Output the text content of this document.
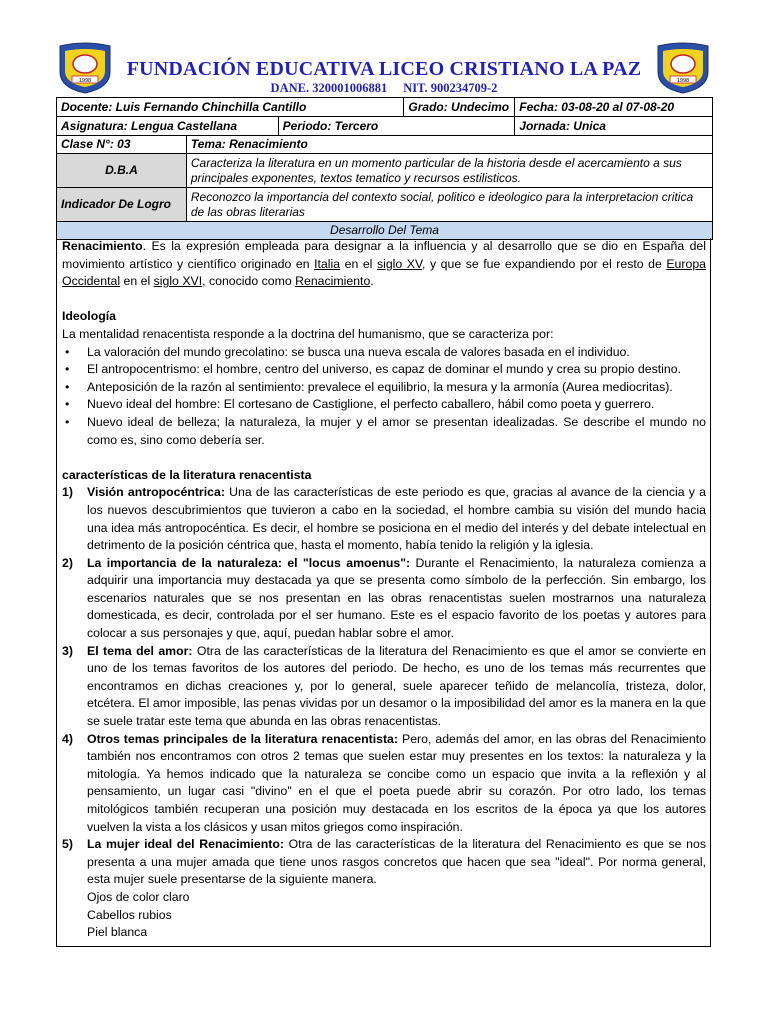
1998	1998
FUNDACIÓN EDUCATIVA LICEO CRISTIANO LA PAZ
DANE. 320001006881 NIT. 900234709-2
Docente: Luis Fernando Chinchilla Cantillo			Grado: Undecimo	Fecha: 03-08-20 al 07-08-20
Asignatura: Lengua Castellana		Periodo: Tercero		Jornada: Unica
Clase N°: 03	Tema: Renacimiento			
D.B.A	Caracteriza la literatura en un momento particular de la historia desde el acercamiento a sus principales exponentes, textos tematico y recursos estilisticos.			
Indicador De Logro	Reconozco la importancia del contexto social, politico e ideologico para la interpretacion critica de las obras literarias			
Desarrollo Del Tema				

Renacimiento. Es la expresión empleada para designar a la influencia y al desarrollo que se dio en España del movimiento artístico y científico originado en Italia en el siglo XV, y que se fue expandiendo por el resto de Europa Occidental en el siglo XVI, conocido como Renacimiento.

Ideología

La mentalidad renacentista responde a la doctrina del humanismo, que se caracteriza por:

• La valoración del mundo grecolatino: se busca una nueva escala de valores basada en el individuo.
• El antropocentrismo: el hombre, centro del universo, es capaz de dominar el mundo y crea su propio destino.
• Anteposición de la razón al sentimiento: prevalece el equilibrio, la mesura y la armonía (Aurea mediocritas).
• Nuevo ideal del hombre: El cortesano de Castiglione, el perfecto caballero, hábil como poeta y guerrero.
• Nuevo ideal de belleza; la naturaleza, la mujer y el amor se presentan idealizadas. Se describe el mundo no como es, sino como debería ser.

características de la literatura renacentista

1) Visión antropocéntrica: Una de las características de este periodo es que, gracias al avance de la ciencia y a los nuevos descubrimientos que tuvieron a cabo en la sociedad, el hombre cambia su visión del mundo hacia una idea más antropocéntica. Es decir, el hombre se posiciona en el medio del interés y del debate intelectual en detrimento de la posición céntrica que, hasta el momento, había tenido la religión y la iglesia.
2) La importancia de la naturaleza: el "locus amoenus": Durante el Renacimiento, la naturaleza comienza a adquirir una importancia muy destacada ya que se presenta como símbolo de la perfección. Sin embargo, los escenarios naturales que se nos presentan en las obras renacentistas suelen mostrarnos una naturaleza domesticada, es decir, controlada por el ser humano. Este es el espacio favorito de los poetas y autores para colocar a sus personajes y que, aquí, puedan hablar sobre el amor.
3) El tema del amor: Otra de las características de la literatura del Renacimiento es que el amor se convierte en uno de los temas favoritos de los autores del periodo. De hecho, es uno de los temas más recurrentes que encontramos en dichas creaciones y, por lo general, suele aparecer teñido de melancolía, tristeza, dolor, etcétera. El amor imposible, las penas vividas por un desamor o la imposibilidad del amor es la manera en la que se suele tratar este tema que abunda en las obras renacentistas.
4) Otros temas principales de la literatura renacentista: Pero, además del amor, en las obras del Renacimiento también nos encontramos con otros 2 temas que suelen estar muy presentes en los textos: la naturaleza y la mitología. Ya hemos indicado que la naturaleza se concibe como un espacio que invita a la reflexión y al pensamiento, un lugar casi "divino" en el que el poeta puede abrir su corazón. Por otro lado, los temas mitológicos también recuperan una posición muy destacada en los escritos de la época ya que los autores vuelven la vista a los clásicos y usan mitos griegos como inspiración.
5) La mujer ideal del Renacimiento: Otra de las características de la literatura del Renacimiento es que se nos presenta a una mujer amada que tiene unos rasgos concretos que hacen que sea "ideal". Por norma general, esta mujer suele presentarse de la siguiente manera.

Ojos de color claro

Cabellos rubios

Piel blanca
